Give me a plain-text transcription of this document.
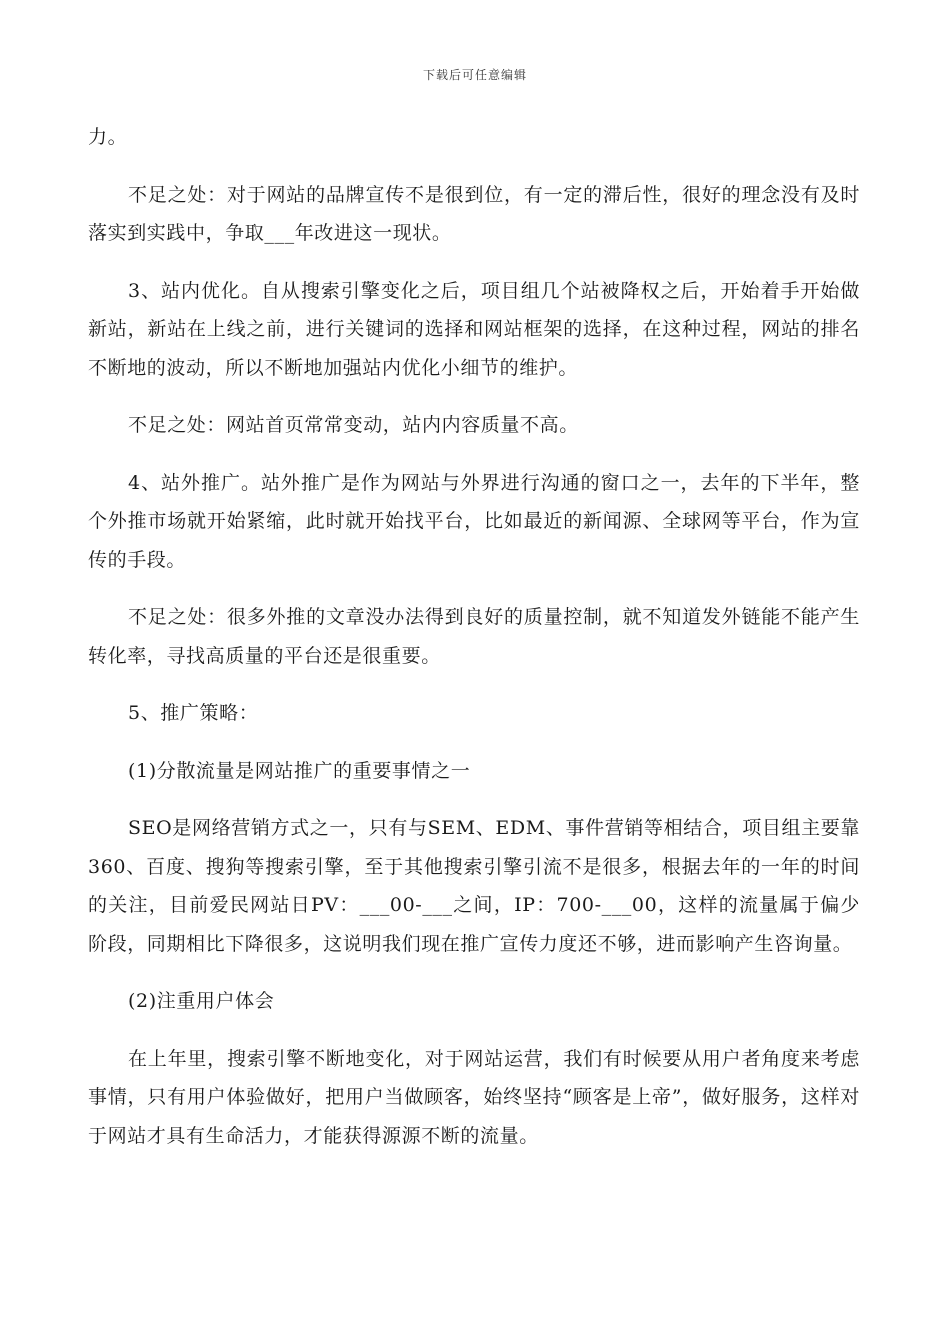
下载后可任意编辑

力。

不足之处：对于网站的品牌宣传不是很到位，有一定的滞后性，很好的理念没有及时落实到实践中，争取___年改进这一现状。

3、站内优化。自从搜索引擎变化之后，项目组几个站被降权之后，开始着手开始做新站，新站在上线之前，进行关键词的选择和网站框架的选择，在这种过程，网站的排名不断地的波动，所以不断地加强站内优化小细节的维护。

不足之处：网站首页常常变动，站内内容质量不高。

4、站外推广。站外推广是作为网站与外界进行沟通的窗口之一，去年的下半年，整个外推市场就开始紧缩，此时就开始找平台，比如最近的新闻源、全球网等平台，作为宣传的手段。

不足之处：很多外推的文章没办法得到良好的质量控制，就不知道发外链能不能产生转化率，寻找高质量的平台还是很重要。

5、推广策略：

(1)分散流量是网站推广的重要事情之一

SEO是网络营销方式之一，只有与SEM、EDM、事件营销等相结合，项目组主要靠360、百度、搜狗等搜索引擎，至于其他搜索引擎引流不是很多，根据去年的一年的时间的关注，目前爱民网站日PV：___00-___之间，IP：700-___00，这样的流量属于偏少阶段，同期相比下降很多，这说明我们现在推广宣传力度还不够，进而影响产生咨询量。

(2)注重用户体会

在上年里，搜索引擎不断地变化，对于网站运营，我们有时候要从用户者角度来考虑事情，只有用户体验做好，把用户当做顾客，始终坚持“顾客是上帝”，做好服务，这样对于网站才具有生命活力，才能获得源源不断的流量。
